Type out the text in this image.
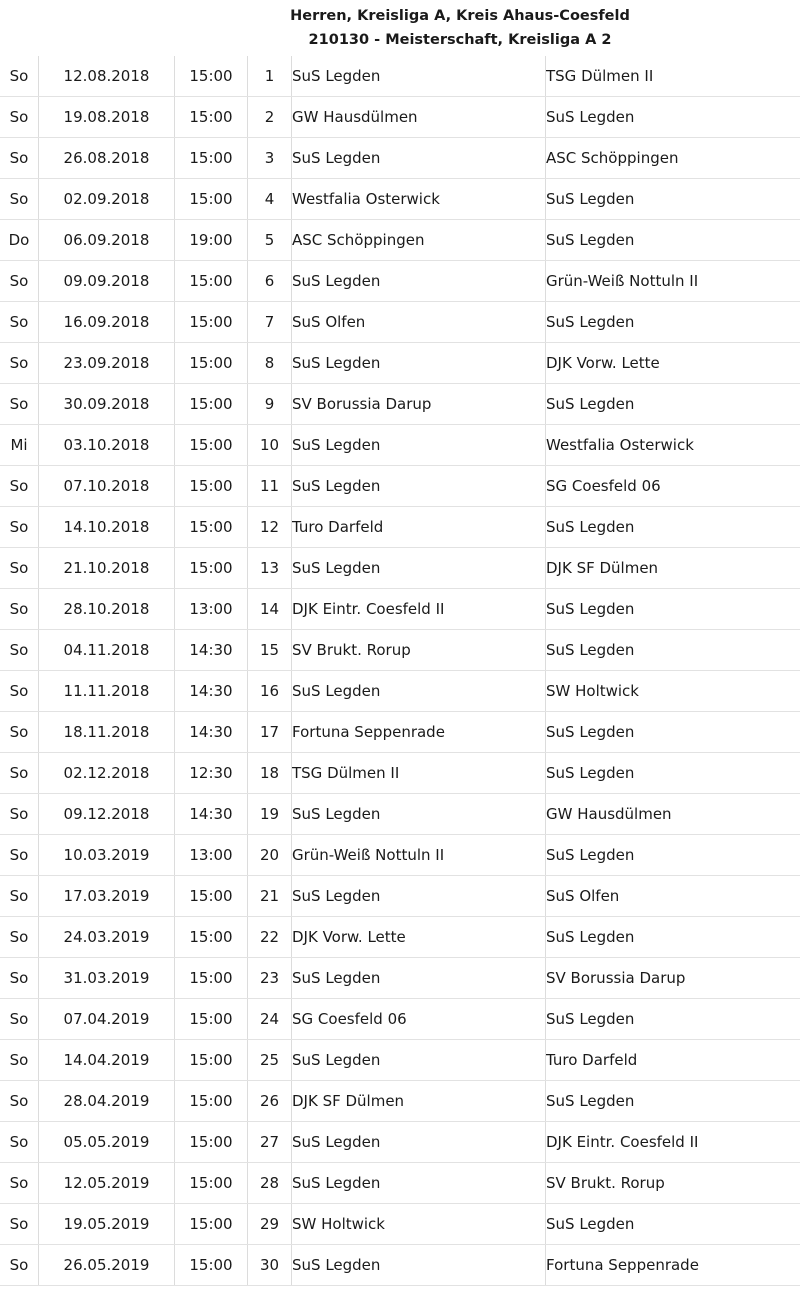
Herren, Kreisliga A, Kreis Ahaus-Coesfeld
210130 - Meisterschaft, Kreisliga A 2
So	12.08.2018	15:00	1	SuS Legden	TSG Dülmen II
So	19.08.2018	15:00	2	GW Hausdülmen	SuS Legden
So	26.08.2018	15:00	3	SuS Legden	ASC Schöppingen
So	02.09.2018	15:00	4	Westfalia Osterwick	SuS Legden
Do	06.09.2018	19:00	5	ASC Schöppingen	SuS Legden
So	09.09.2018	15:00	6	SuS Legden	Grün-Weiß Nottuln II
So	16.09.2018	15:00	7	SuS Olfen	SuS Legden
So	23.09.2018	15:00	8	SuS Legden	DJK Vorw. Lette
So	30.09.2018	15:00	9	SV Borussia Darup	SuS Legden
Mi	03.10.2018	15:00	10	SuS Legden	Westfalia Osterwick
So	07.10.2018	15:00	11	SuS Legden	SG Coesfeld 06
So	14.10.2018	15:00	12	Turo Darfeld	SuS Legden
So	21.10.2018	15:00	13	SuS Legden	DJK SF Dülmen
So	28.10.2018	13:00	14	DJK Eintr. Coesfeld II	SuS Legden
So	04.11.2018	14:30	15	SV Brukt. Rorup	SuS Legden
So	11.11.2018	14:30	16	SuS Legden	SW Holtwick
So	18.11.2018	14:30	17	Fortuna Seppenrade	SuS Legden
So	02.12.2018	12:30	18	TSG Dülmen II	SuS Legden
So	09.12.2018	14:30	19	SuS Legden	GW Hausdülmen
So	10.03.2019	13:00	20	Grün-Weiß Nottuln II	SuS Legden
So	17.03.2019	15:00	21	SuS Legden	SuS Olfen
So	24.03.2019	15:00	22	DJK Vorw. Lette	SuS Legden
So	31.03.2019	15:00	23	SuS Legden	SV Borussia Darup
So	07.04.2019	15:00	24	SG Coesfeld 06	SuS Legden
So	14.04.2019	15:00	25	SuS Legden	Turo Darfeld
So	28.04.2019	15:00	26	DJK SF Dülmen	SuS Legden
So	05.05.2019	15:00	27	SuS Legden	DJK Eintr. Coesfeld II
So	12.05.2019	15:00	28	SuS Legden	SV Brukt. Rorup
So	19.05.2019	15:00	29	SW Holtwick	SuS Legden
So	26.05.2019	15:00	30	SuS Legden	Fortuna Seppenrade
